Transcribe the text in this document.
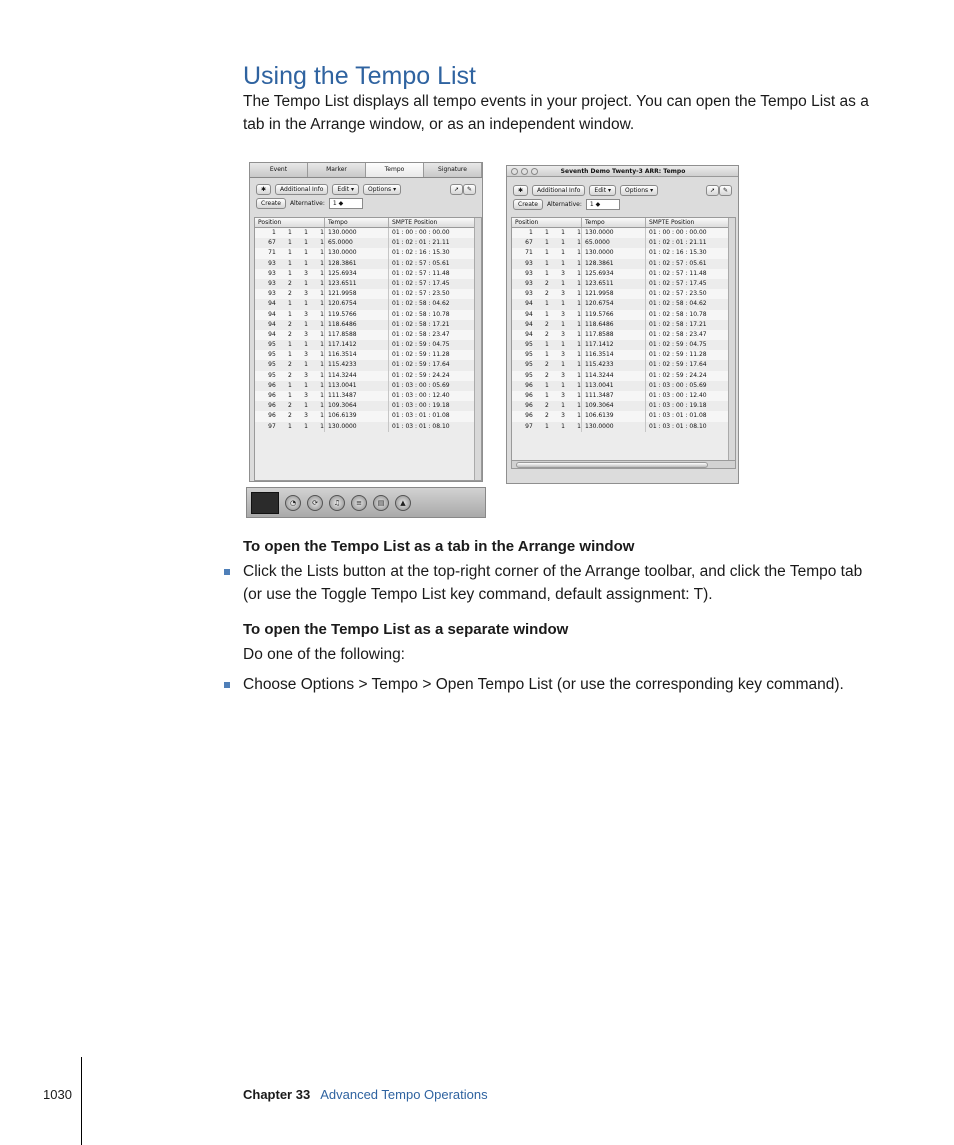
Using the Tempo List
The Tempo List displays all tempo events in your project. You can open the Tempo List as a tab in the Arrange window, or as an independent window.
Event	Marker	Tempo	Signature
✱	Additional Info	Edit ▾	Options ▾	➚	✎
Create	Alternative:	1 ◆
Position	Tempo	SMPTE Position
1	1	1	1 130.0000	01 : 00 : 00 : 00.00
67	1	1	1 65.0000	01 : 02 : 01 : 21.11
71	1	1	1 130.0000	01 : 02 : 16 : 15.30
93	1	1	1 128.3861	01 : 02 : 57 : 05.61
93	1	3	1 125.6934	01 : 02 : 57 : 11.48
93	2	1	1 123.6511	01 : 02 : 57 : 17.45
93	2	3	1 121.9958	01 : 02 : 57 : 23.50
94	1	1	1 120.6754	01 : 02 : 58 : 04.62
94	1	3	1 119.5766	01 : 02 : 58 : 10.78
94	2	1	1 118.6486	01 : 02 : 58 : 17.21
94	2	3	1 117.8588	01 : 02 : 58 : 23.47
95	1	1	1 117.1412	01 : 02 : 59 : 04.75
95	1	3	1 116.3514	01 : 02 : 59 : 11.28
95	2	1	1 115.4233	01 : 02 : 59 : 17.64
95	2	3	1 114.3244	01 : 02 : 59 : 24.24
96	1	1	1 113.0041	01 : 03 : 00 : 05.69
96	1	3	1 111.3487	01 : 03 : 00 : 12.40
96	2	1	1 109.3064	01 : 03 : 00 : 19.18
96	2	3	1 106.6139	01 : 03 : 01 : 01.08
97	1	1	1 130.0000	01 : 03 : 01 : 08.10
◔	⟳	♫	≡	▤	▲
Seventh Demo Twenty-3 ARR: Tempo
✱	Additional Info	Edit ▾	Options ▾	➚	✎
Create	Alternative:	1 ◆
Position	Tempo	SMPTE Position
1	1	1	1 130.0000	01 : 00 : 00 : 00.00
67	1	1	1 65.0000	01 : 02 : 01 : 21.11
71	1	1	1 130.0000	01 : 02 : 16 : 15.30
93	1	1	1 128.3861	01 : 02 : 57 : 05.61
93	1	3	1 125.6934	01 : 02 : 57 : 11.48
93	2	1	1 123.6511	01 : 02 : 57 : 17.45
93	2	3	1 121.9958	01 : 02 : 57 : 23.50
94	1	1	1 120.6754	01 : 02 : 58 : 04.62
94	1	3	1 119.5766	01 : 02 : 58 : 10.78
94	2	1	1 118.6486	01 : 02 : 58 : 17.21
94	2	3	1 117.8588	01 : 02 : 58 : 23.47
95	1	1	1 117.1412	01 : 02 : 59 : 04.75
95	1	3	1 116.3514	01 : 02 : 59 : 11.28
95	2	1	1 115.4233	01 : 02 : 59 : 17.64
95	2	3	1 114.3244	01 : 02 : 59 : 24.24
96	1	1	1 113.0041	01 : 03 : 00 : 05.69
96	1	3	1 111.3487	01 : 03 : 00 : 12.40
96	2	1	1 109.3064	01 : 03 : 00 : 19.18
96	2	3	1 106.6139	01 : 03 : 01 : 01.08
97	1	1	1 130.0000	01 : 03 : 01 : 08.10
To open the Tempo List as a tab in the Arrange window
Click the Lists button at the top-right corner of the Arrange toolbar, and click the Tempo tab (or use the Toggle Tempo List key command, default assignment: T).
To open the Tempo List as a separate window
Do one of the following:
Choose Options > Tempo > Open Tempo List (or use the corresponding key command).
1030	Chapter 33 Advanced Tempo Operations
